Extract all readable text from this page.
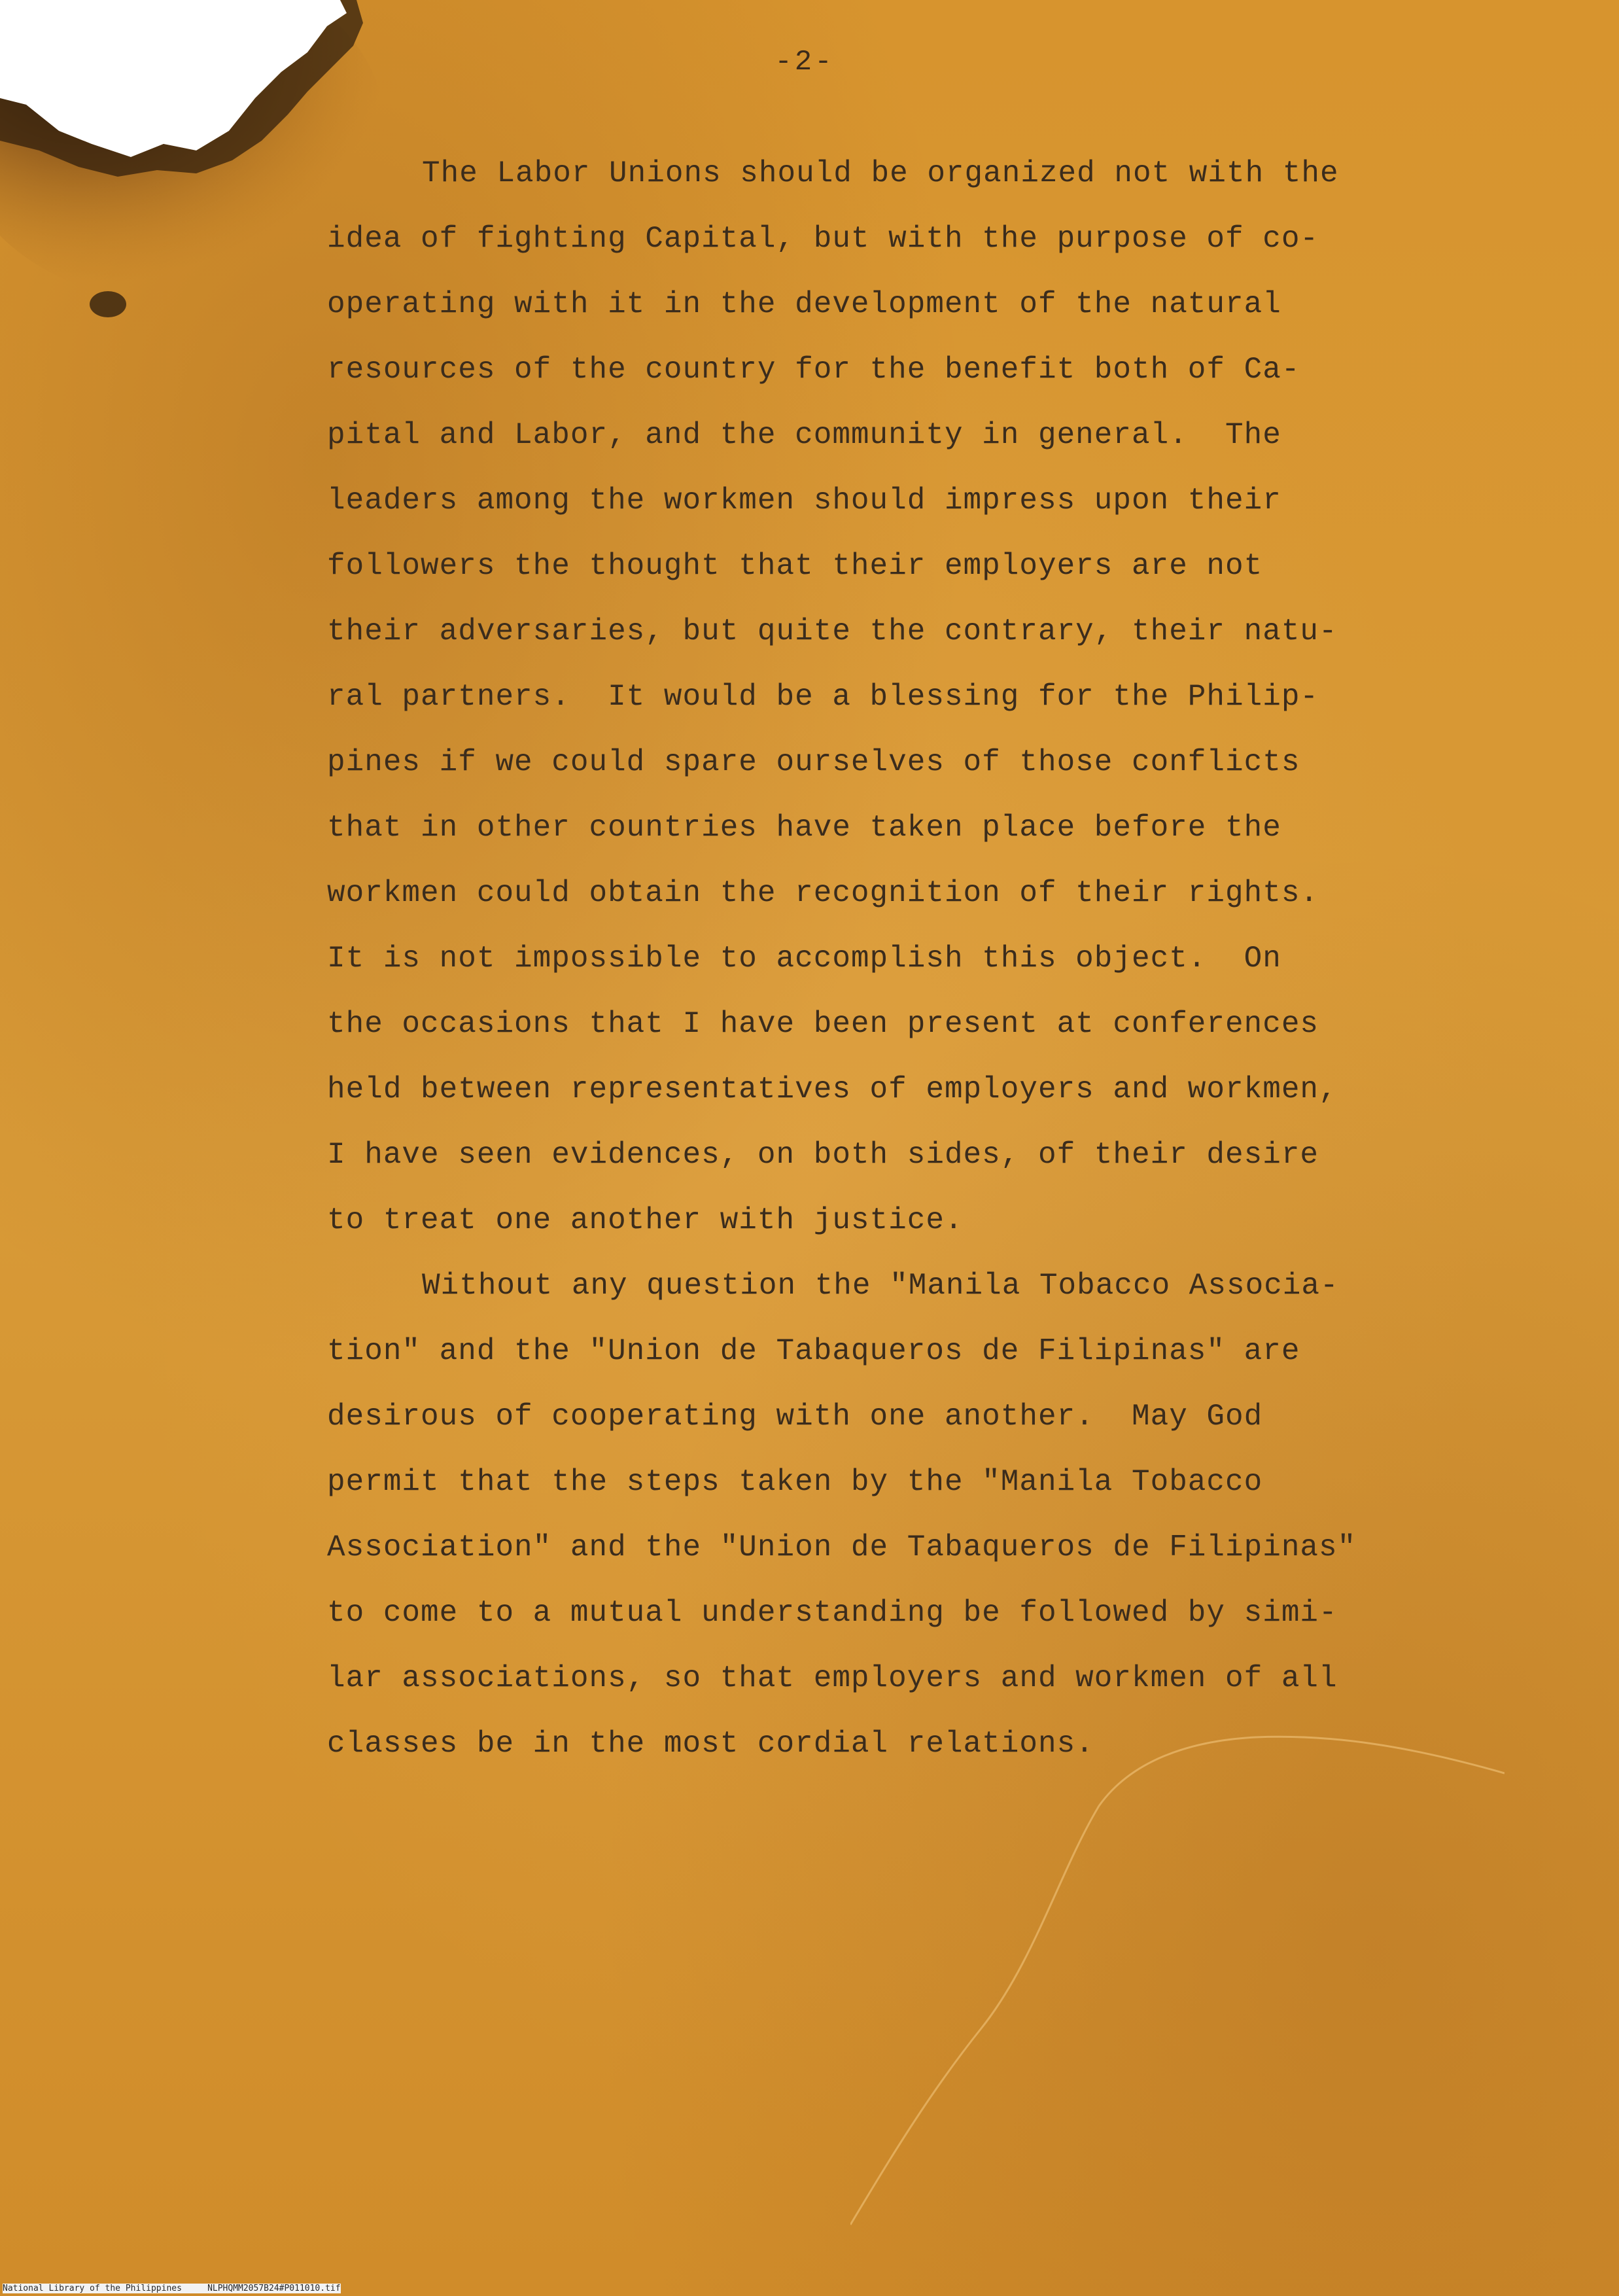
-2-
The Labor Unions should be organized not with the
idea of fighting Capital, but with the purpose of co-
operating with it in the development of the natural
resources of the country for the benefit both of Ca-
pital and Labor, and the community in general.  The
leaders among the workmen should impress upon their
followers the thought that their employers are not
their adversaries, but quite the contrary, their natu-
ral partners.  It would be a blessing for the Philip-
pines if we could spare ourselves of those conflicts
that in other countries have taken place before the
workmen could obtain the recognition of their rights.
It is not impossible to accomplish this object.  On
the occasions that I have been present at conferences
held between representatives of employers and workmen,
I have seen evidences, on both sides, of their desire
to treat one another with justice.
Without any question the "Manila Tobacco Associa-
tion" and the "Union de Tabaqueros de Filipinas" are
desirous of cooperating with one another.  May God
permit that the steps taken by the "Manila Tobacco
Association" and the "Union de Tabaqueros de Filipinas"
to come to a mutual understanding be followed by simi-
lar associations, so that employers and workmen of all
classes be in the most cordial relations.
National Library of the Philippines     NLPHQMM2057B24#P011010.tif
